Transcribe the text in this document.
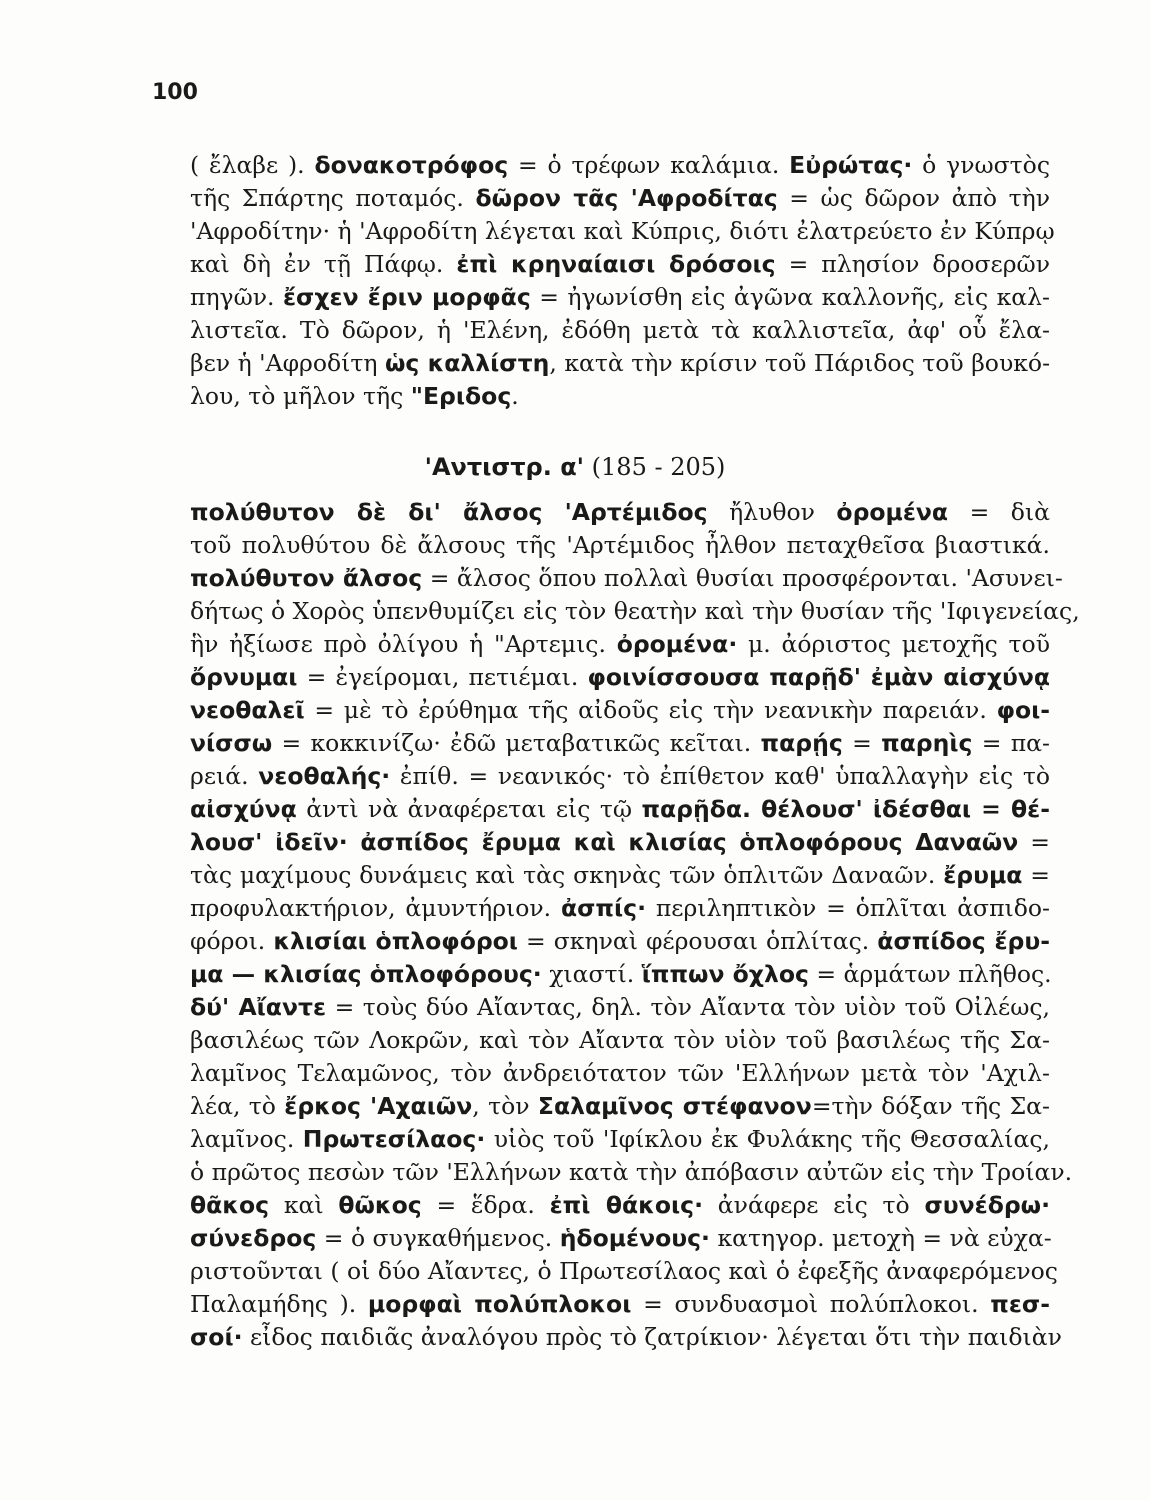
100
'Αντιστρ. α' (185 - 205)
( ἔλαβε ). δονακοτρόφος = ὁ τρέφων καλάμια. Εὐρώτας· ὁ γνωστὸς
τῆς Σπάρτης ποταμός. δῶρον τᾶς 'Αφροδίτας = ὡς δῶρον ἀπὸ τὴν
'Αφροδίτην· ἡ 'Αφροδίτη λέγεται καὶ Κύπρις, διότι ἐλατρεύετο ἐν Κύπρῳ
καὶ δὴ ἐν τῇ Πάφῳ. ἐπὶ κρηναίαισι δρόσοις = πλησίον δροσερῶν
πηγῶν. ἔσχεν ἔριν μορφᾶς = ἠγωνίσθη εἰς ἀγῶνα καλλονῆς, εἰς καλ-
λιστεῖα. Τὸ δῶρον, ἡ 'Ελένη, ἐδόθη μετὰ τὰ καλλιστεῖα, ἀφ' οὗ ἔλα-
βεν ἡ 'Αφροδίτη ὡς καλλίστη, κατὰ τὴν κρίσιν τοῦ Πάριδος τοῦ βουκό-
λου, τὸ μῆλον τῆς "Εριδος.
πολύθυτον δὲ δι' ἄλσος 'Αρτέμιδος ἤλυθον ὀρομένα = διὰ
τοῦ πολυθύτου δὲ ἄλσους τῆς 'Αρτέμιδος ἦλθον πεταχθεῖσα βιαστικά.
πολύθυτον ἄλσος = ἄλσος ὅπου πολλαὶ θυσίαι προσφέρονται. 'Ασυνει-
δήτως ὁ Χορὸς ὑπενθυμίζει εἰς τὸν θεατὴν καὶ τὴν θυσίαν τῆς 'Ιφιγενείας,
ἣν ἠξίωσε πρὸ ὀλίγου ἡ "Αρτεμις. ὀρομένα· μ. ἀόριστος μετοχῆς τοῦ
ὄρνυμαι = ἐγείρομαι, πετιέμαι. φοινίσσουσα παρῇδ' ἐμὰν αἰσχύνᾳ
νεοθαλεῖ = μὲ τὸ ἐρύθημα τῆς αἰδοῦς εἰς τὴν νεανικὴν παρειάν. φοι-
νίσσω = κοκκινίζω· ἐδῶ μεταβατικῶς κεῖται. παρῄς = παρηὶς = πα-
ρειά. νεοθαλής· ἐπίθ. = νεανικός· τὸ ἐπίθετον καθ' ὑπαλλαγὴν εἰς τὸ
αἰσχύνᾳ ἀντὶ νὰ ἀναφέρεται εἰς τῷ παρῇδα. θέλουσ' ἰδέσθαι = θέ-
λουσ' ἰδεῖν· ἀσπίδος ἔρυμα καὶ κλισίας ὁπλοφόρους Δαναῶν =
τὰς μαχίμους δυνάμεις καὶ τὰς σκηνὰς τῶν ὁπλιτῶν Δαναῶν. ἔρυμα =
προφυλακτήριον, ἀμυντήριον. ἀσπίς· περιληπτικὸν = ὁπλῖται ἀσπιδο-
φόροι. κλισίαι ὁπλοφόροι = σκηναὶ φέρουσαι ὁπλίτας. ἀσπίδος ἔρυ-
μα — κλισίας ὁπλοφόρους· χιαστί. ἵππων ὄχλος = ἁρμάτων πλῆθος.
δύ' Αἴαντε = τοὺς δύο Αἴαντας, δηλ. τὸν Αἴαντα τὸν υἱὸν τοῦ Οἰλέως,
βασιλέως τῶν Λοκρῶν, καὶ τὸν Αἴαντα τὸν υἱὸν τοῦ βασιλέως τῆς Σα-
λαμῖνος Τελαμῶνος, τὸν ἀνδρειότατον τῶν 'Ελλήνων μετὰ τὸν 'Αχιλ-
λέα, τὸ ἔρκος 'Αχαιῶν, τὸν Σαλαμῖνος στέφανον=τὴν δόξαν τῆς Σα-
λαμῖνος. Πρωτεσίλαος· υἱὸς τοῦ 'Ιφίκλου ἐκ Φυλάκης τῆς Θεσσαλίας,
ὁ πρῶτος πεσὼν τῶν 'Ελλήνων κατὰ τὴν ἀπόβασιν αὐτῶν εἰς τὴν Τροίαν.
θᾶκος καὶ θῶκος = ἕδρα. ἐπὶ θάκοις· ἀνάφερε εἰς τὸ συνέδρω·
σύνεδρος = ὁ συγκαθήμενος. ἡδομένους· κατηγορ. μετοχὴ = νὰ εὐχα-
ριστοῦνται ( οἱ δύο Αἴαντες, ὁ Πρωτεσίλαος καὶ ὁ ἐφεξῆς ἀναφερόμενος
Παλαμήδης ). μορφαὶ πολύπλοκοι = συνδυασμοὶ πολύπλοκοι. πεσ-
σοί· εἶδος παιδιᾶς ἀναλόγου πρὸς τὸ ζατρίκιον· λέγεται ὅτι τὴν παιδιὰν
